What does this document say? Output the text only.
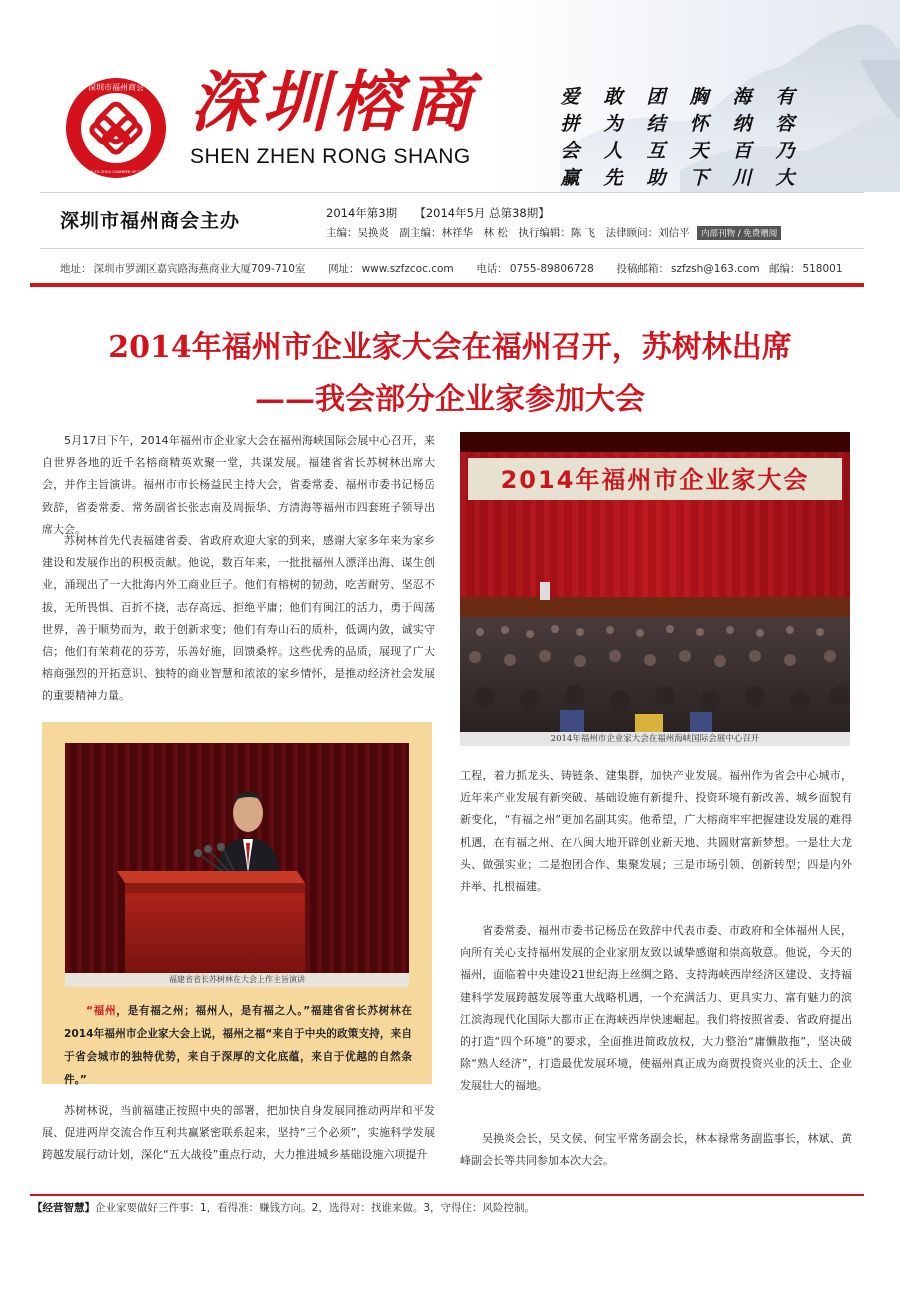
深圳市福州商会
SHENZHEN FU ZHOU CHAMBER OF COMMERCE
深圳榕商
SHEN ZHEN RONG SHANG
有容乃大
海纳百川
胸怀天下
团结互助
敢为人先
爱拼会赢
深圳市福州商会主办	2014年第3期　　【2014年5月 总第38期】
主编：吴换炎　副主编：林祥华　林 松　执行编辑：陈 飞　法律顾问：刘信平 内部刊物 / 免费赠阅
地址： 深圳市罗湖区嘉宾路海燕商业大厦709-710室 网址： www.szfzcoc.com 电话： 0755-89806728 投稿邮箱： szfzsh@163.com 邮编： 518001
2014年福州市企业家大会在福州召开，苏树林出席
——我会部分企业家参加大会

5月17日下午，2014年福州市企业家大会在福州海峡国际会展中心召开，来自世界各地的近千名榕商精英欢聚一堂，共谋发展。福建省省长苏树林出席大会，并作主旨演讲。福州市市长杨益民主持大会，省委常委、福州市委书记杨岳致辞，省委常委、常务副省长张志南及周振华、方清海等福州市四套班子领导出席大会。

苏树林首先代表福建省委、省政府欢迎大家的到来，感谢大家多年来为家乡建设和发展作出的积极贡献。他说，数百年来，一批批福州人漂洋出海、谋生创业，涌现出了一大批海内外工商业巨子。他们有榕树的韧劲，吃苦耐劳、坚忍不拔，无所畏惧、百折不挠，志存高远、拒绝平庸；他们有闽江的活力，勇于闯荡世界，善于顺势而为，敢于创新求变；他们有寿山石的质朴，低调内敛，诚实守信；他们有茉莉花的芬芳，乐善好施，回馈桑梓。这些优秀的品质，展现了广大榕商强烈的开拓意识、独特的商业智慧和浓浓的家乡情怀，是推动经济社会发展的重要精神力量。

2014年福州市企业家大会
2014年福州市企业家大会在福州海峡国际会展中心召开

工程，着力抓龙头、铸链条、建集群，加快产业发展。福州作为省会中心城市，近年来产业发展有新突破、基础设施有新提升、投资环境有新改善、城乡面貌有新变化，“有福之州”更加名副其实。他希望，广大榕商牢牢把握建设发展的难得机遇，在有福之州、在八闽大地开辟创业新天地、共圆财富新梦想。一是壮大龙头、做强实业；二是抱团合作、集聚发展；三是市场引领、创新转型；四是内外并举、扎根福建。

省委常委、福州市委书记杨岳在致辞中代表市委、市政府和全体福州人民，向所有关心支持福州发展的企业家朋友致以诚挚感谢和崇高敬意。他说，今天的福州，面临着中央建设21世纪海上丝绸之路、支持海峡西岸经济区建设、支持福建科学发展跨越发展等重大战略机遇，一个充满活力、更具实力、富有魅力的滨江滨海现代化国际大都市正在海峡西岸快速崛起。我们将按照省委、省政府提出的打造“四个环境”的要求，全面推进简政放权，大力整治“庸懒散拖”，坚决破除“熟人经济”，打造最优发展环境，使福州真正成为商贾投资兴业的沃土、企业发展壮大的福地。

吴换炎会长，吴文侯、何宝平常务副会长，林本禄常务副监事长，林斌、黄峰副会长等共同参加本次大会。

福建省省长苏树林在大会上作主旨演讲
“福州，是有福之州；福州人，是有福之人。”福建省省长苏树林在2014年福州市企业家大会上说，福州之福“来自于中央的政策支持，来自于省会城市的独特优势，来自于深厚的文化底蕴，来自于优越的自然条件。”

苏树林说，当前福建正按照中央的部署，把加快自身发展同推动两岸和平发展、促进两岸交流合作互利共赢紧密联系起来，坚持“三个必须”，实施科学发展跨越发展行动计划，深化“五大战役”重点行动，大力推进城乡基础设施六项提升

【经营智慧】企业家要做好三件事：1，看得准：赚钱方向。2，选得对：找谁来做。3，守得住：风险控制。
